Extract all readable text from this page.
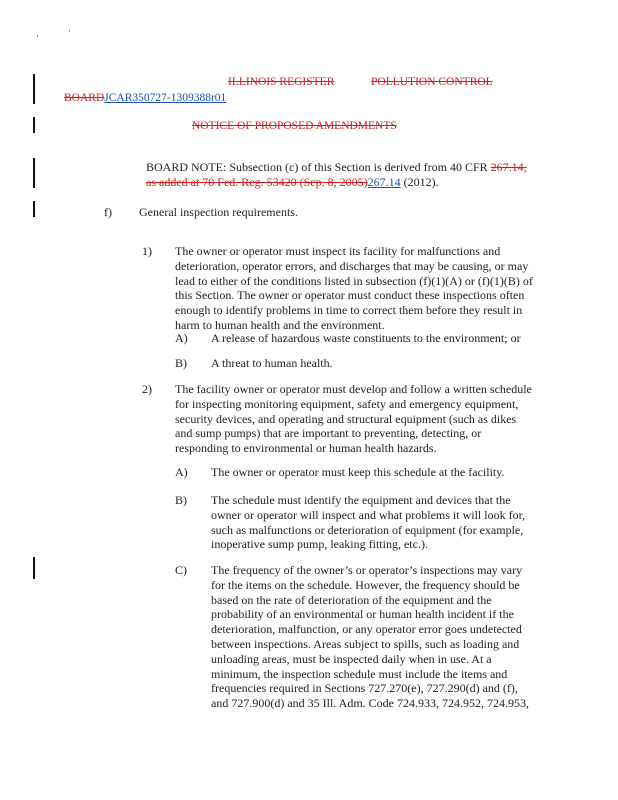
ILLINOIS REGISTER	POLLUTION CONTROL
BOARDJCAR350727-1309388r01
NOTICE OF PROPOSED AMENDMENTS
BOARD NOTE: Subsection (c) of this Section is derived from 40 CFR 267.14, as added at 70 Fed. Reg. 53420 (Sep. 8, 2005)267.14 (2012).
f) General inspection requirements.
1) The owner or operator must inspect its facility for malfunctions and
deterioration, operator errors, and discharges that may be causing, or may
lead to either of the conditions listed in subsection (f)(1)(A) or (f)(1)(B) of
this Section. The owner or operator must conduct these inspections often
enough to identify problems in time to correct them before they result in
harm to human health and the environment.
A) A release of hazardous waste constituents to the environment; or
B) A threat to human health.
2) The facility owner or operator must develop and follow a written schedule
for inspecting monitoring equipment, safety and emergency equipment,
security devices, and operating and structural equipment (such as dikes
and sump pumps) that are important to preventing, detecting, or
responding to environmental or human health hazards.
A) The owner or operator must keep this schedule at the facility.
B) The schedule must identify the equipment and devices that the
owner or operator will inspect and what problems it will look for,
such as malfunctions or deterioration of equipment (for example,
inoperative sump pump, leaking fitting, etc.).
C) The frequency of the owner’s or operator’s inspections may vary
for the items on the schedule. However, the frequency should be
based on the rate of deterioration of the equipment and the
probability of an environmental or human health incident if the
deterioration, malfunction, or any operator error goes undetected
between inspections. Areas subject to spills, such as loading and
unloading areas, must be inspected daily when in use. At a
minimum, the inspection schedule must include the items and
frequencies required in Sections 727.270(e), 727.290(d) and (f),
and 727.900(d) and 35 Ill. Adm. Code 724.933, 724.952, 724.953,
